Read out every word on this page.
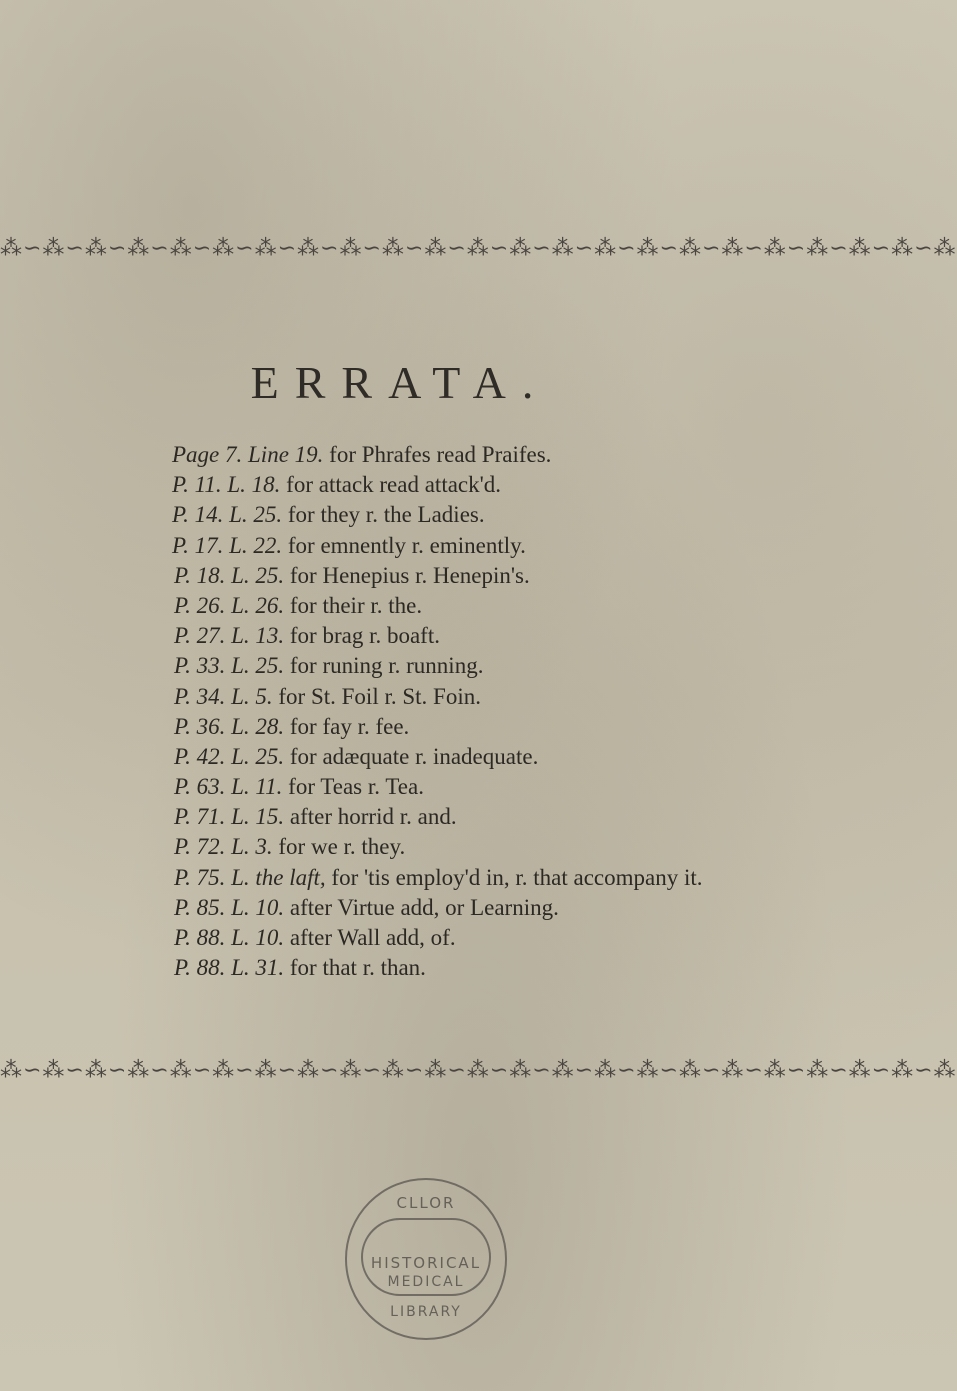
⁂∽⁂∽⁂∽⁂∽⁂∽⁂∽⁂∽⁂∽⁂∽⁂∽⁂∽⁂∽⁂∽⁂∽⁂∽⁂∽⁂∽⁂∽⁂∽⁂∽⁂∽⁂∽⁂
ERRATA.
Page 7. Line 19. for Phrafes read Praifes.
P. 11. L. 18. for attack read attack'd.
P. 14. L. 25. for they r. the Ladies.
P. 17. L. 22. for emnently r. eminently.
P. 18. L. 25. for Henepius r. Henepin's.
P. 26. L. 26. for their r. the.
P. 27. L. 13. for brag r. boaft.
P. 33. L. 25. for runing r. running.
P. 34. L. 5. for St. Foil r. St. Foin.
P. 36. L. 28. for fay r. fee.
P. 42. L. 25. for adæquate r. inadequate.
P. 63. L. 11. for Teas r. Tea.
P. 71. L. 15. after horrid r. and.
P. 72. L. 3. for we r. they.
P. 75. L. the laft, for 'tis employ'd in, r. that accompany it.
P. 85. L. 10. after Virtue add, or Learning.
P. 88. L. 10. after Wall add, of.
P. 88. L. 31. for that r. than.
⁂∽⁂∽⁂∽⁂∽⁂∽⁂∽⁂∽⁂∽⁂∽⁂∽⁂∽⁂∽⁂∽⁂∽⁂∽⁂∽⁂∽⁂∽⁂∽⁂∽⁂∽⁂∽⁂
CLLOR
HISTORICAL
MEDICAL
LIBRARY
